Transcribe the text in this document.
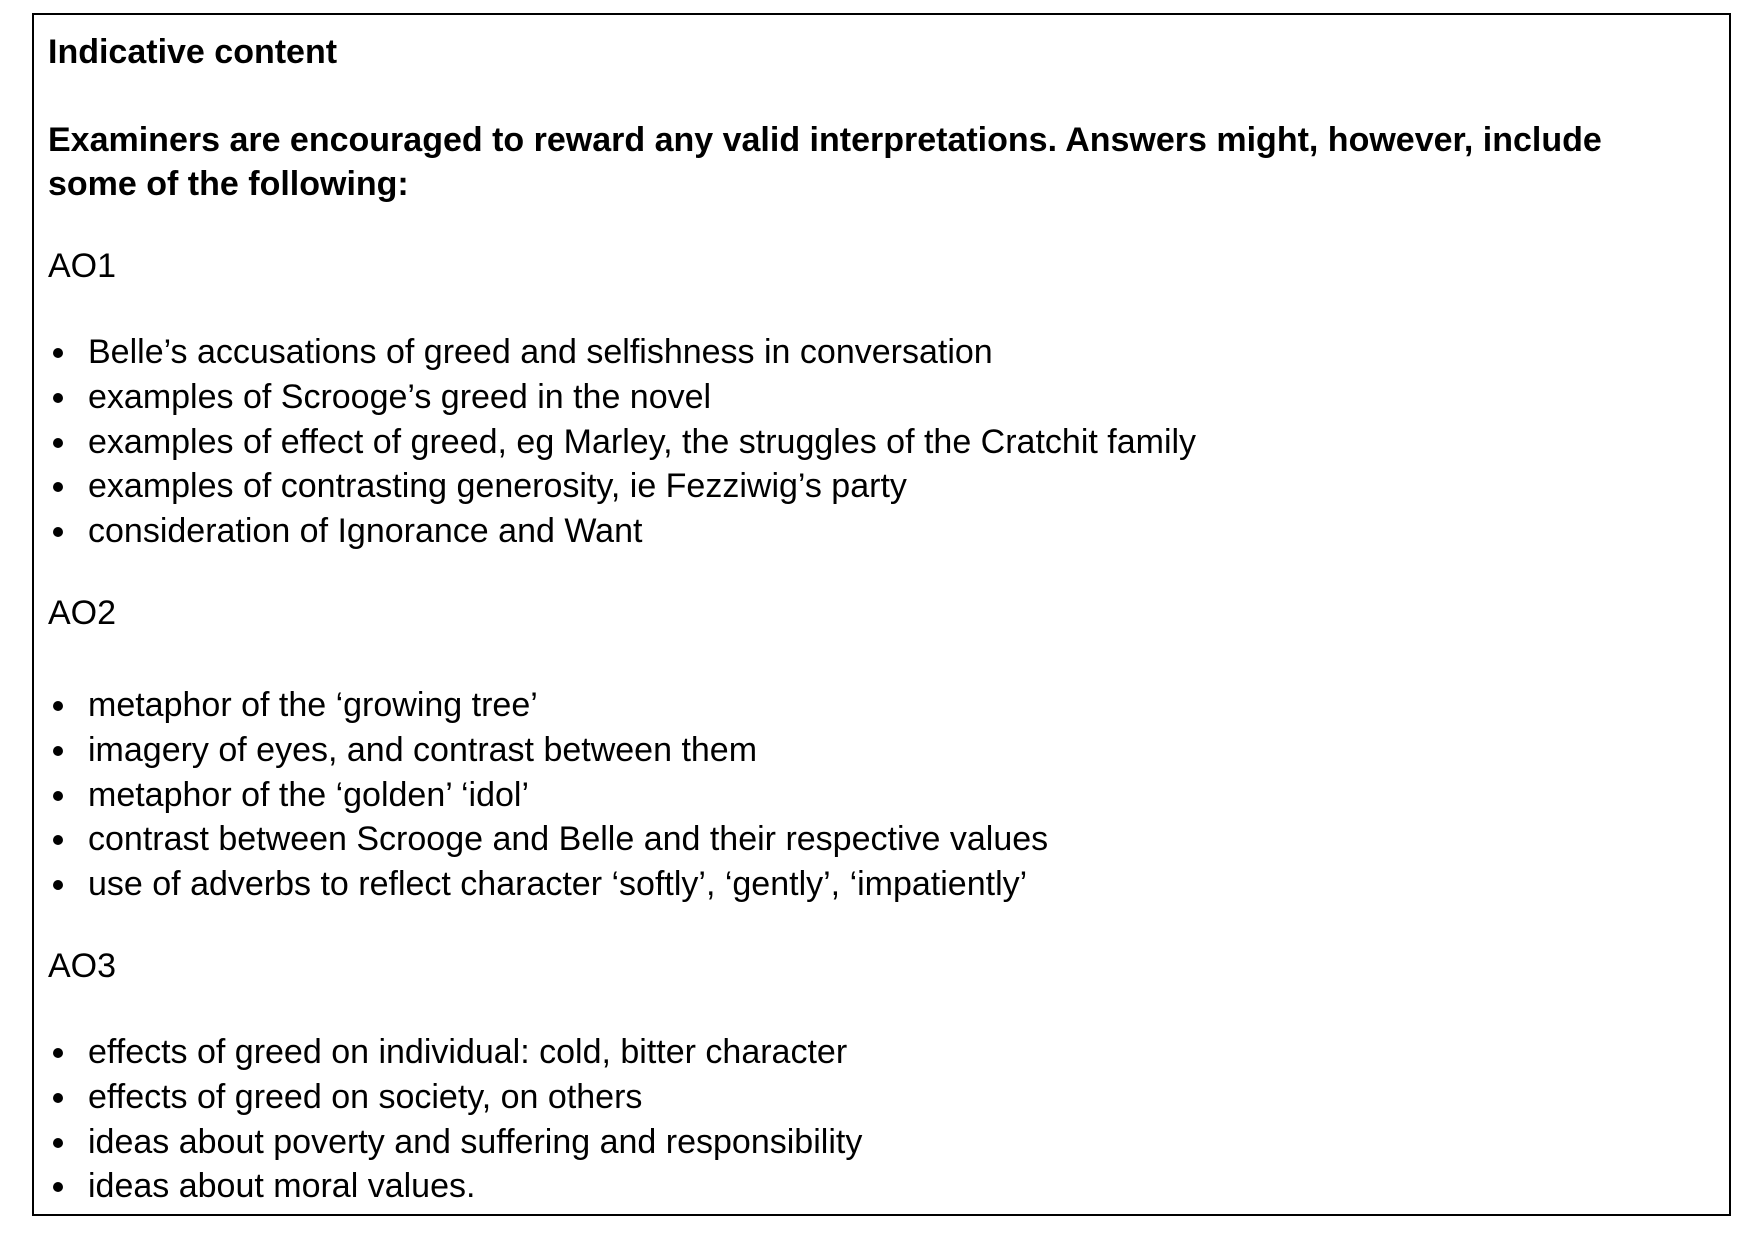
Indicative content

Examiners are encouraged to reward any valid interpretations. Answers might, however, include some of the following:

AO1

Belle’s accusations of greed and selfishness in conversation
examples of Scrooge’s greed in the novel
examples of effect of greed, eg Marley, the struggles of the Cratchit family
examples of contrasting generosity, ie Fezziwig’s party
consideration of Ignorance and Want

AO2

metaphor of the ‘growing tree’
imagery of eyes, and contrast between them
metaphor of the ‘golden’ ‘idol’
contrast between Scrooge and Belle and their respective values
use of adverbs to reflect character ‘softly’, ‘gently’, ‘impatiently’

AO3

effects of greed on individual: cold, bitter character
effects of greed on society, on others
ideas about poverty and suffering and responsibility
ideas about moral values.
